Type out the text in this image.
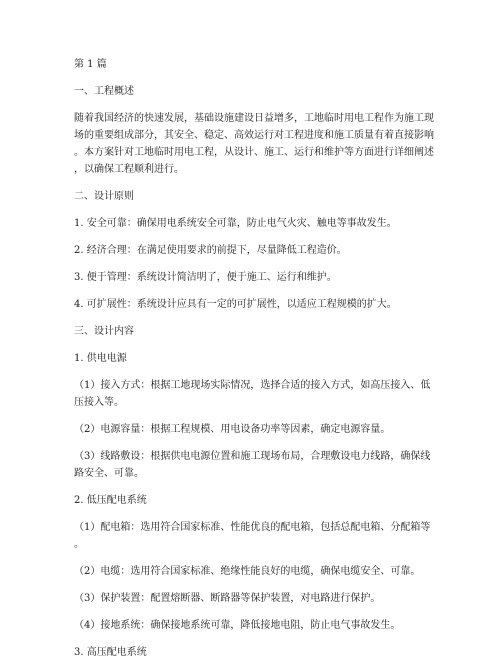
第 1 篇

一、工程概述

随着我国经济的快速发展，基础设施建设日益增多，工地临时用电工程作为施工现

场的重要组成部分，其安全、稳定、高效运行对工程进度和施工质量有着直接影响

。本方案针对工地临时用电工程，从设计、施工、运行和维护等方面进行详细阐述

，以确保工程顺利进行。

二、设计原则

1. 安全可靠：确保用电系统安全可靠，防止电气火灾、触电等事故发生。

2. 经济合理：在满足使用要求的前提下，尽量降低工程造价。

3. 便于管理：系统设计简洁明了，便于施工、运行和维护。

4. 可扩展性：系统设计应具有一定的可扩展性，以适应工程规模的扩大。

三、设计内容

1. 供电电源

（1）接入方式：根据工地现场实际情况，选择合适的接入方式，如高压接入、低

压接入等。

（2）电源容量：根据工程规模、用电设备功率等因素，确定电源容量。

（3）线路敷设：根据供电电源位置和施工现场布局，合理敷设电力线路，确保线

路安全、可靠。

2. 低压配电系统

（1）配电箱：选用符合国家标准、性能优良的配电箱，包括总配电箱、分配箱等

。

（2）电缆：选用符合国家标准、绝缘性能良好的电缆，确保电缆安全、可靠。

（3）保护装置：配置熔断器、断路器等保护装置，对电路进行保护。

（4）接地系统：确保接地系统可靠，降低接地电阻，防止电气事故发生。

3. 高压配电系统
